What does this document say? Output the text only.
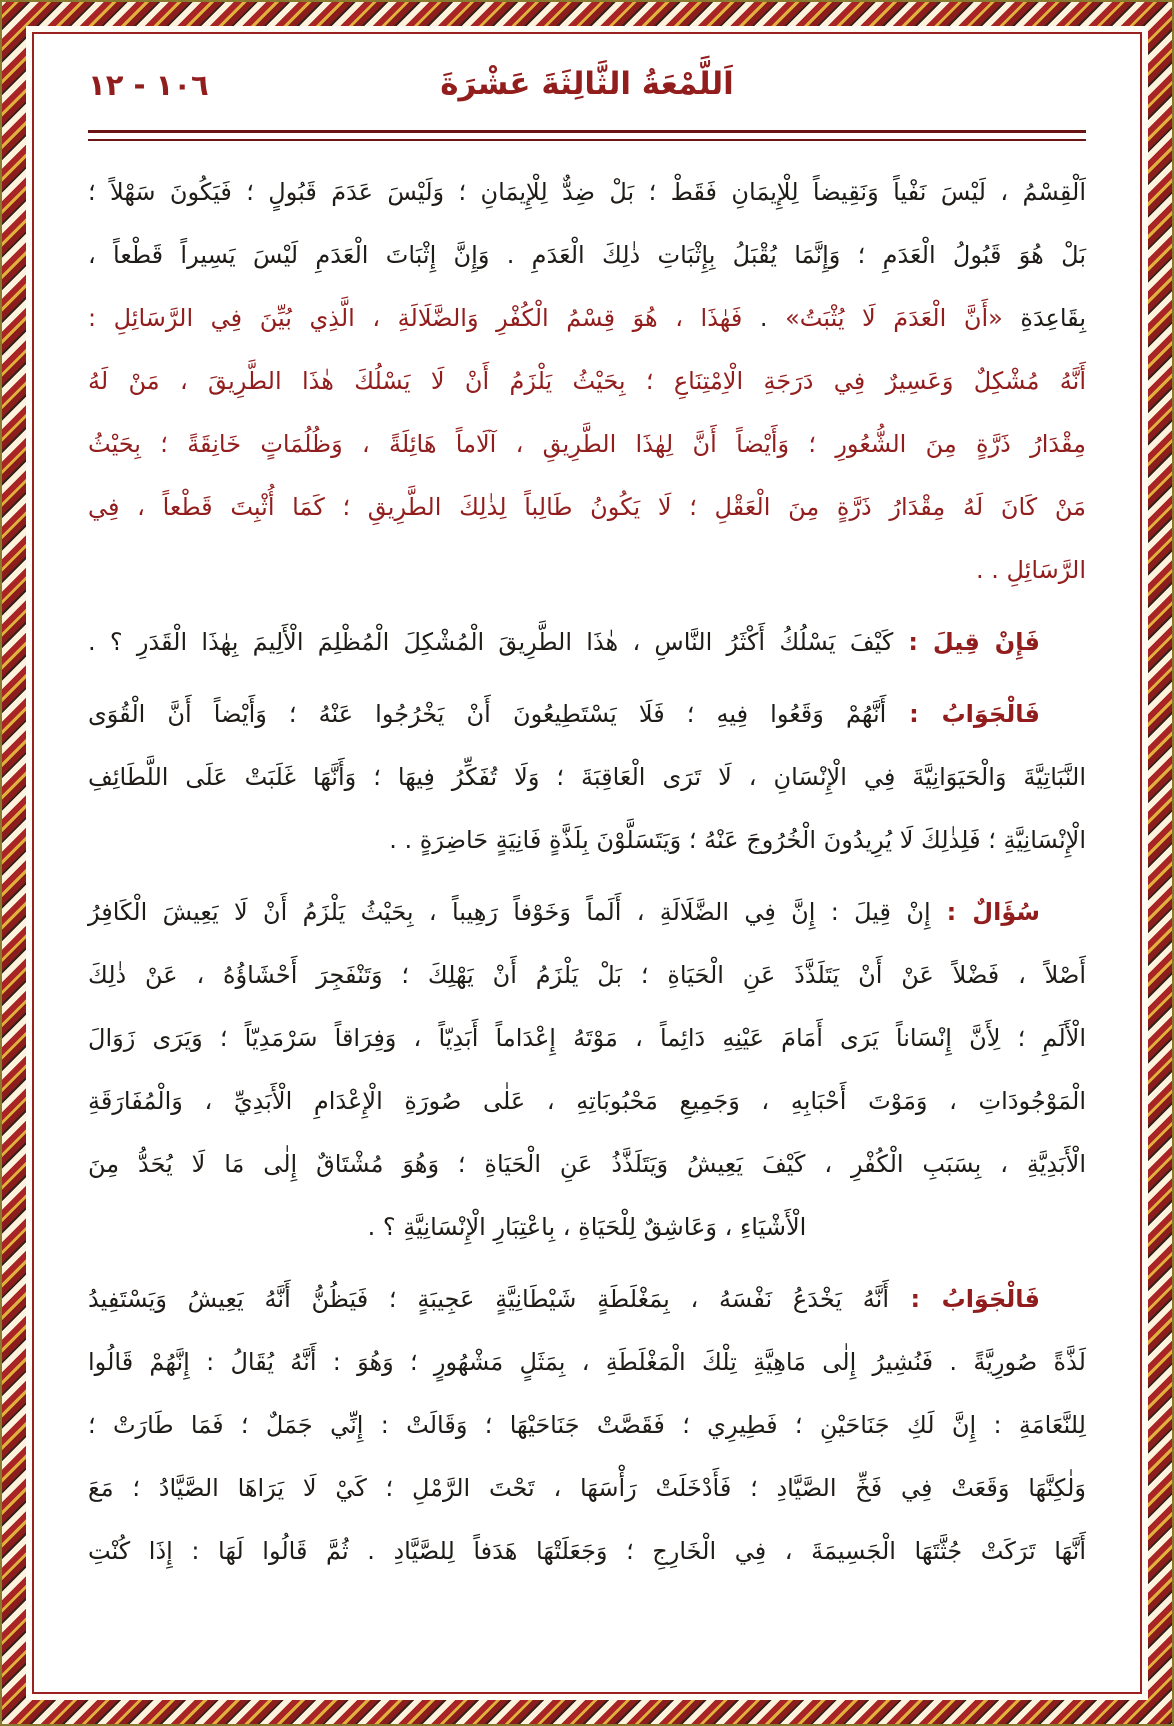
١٠٦ - ١٢	اَللَّمْعَةُ الثَّالِثَةَ عَشْرَةَ
اَلْقِسْمُ ، لَيْسَ نَفْياً وَنَقِيضاً لِلْإِيمَانِ فَقَطْ ؛ بَلْ ضِدٌّ لِلْإِيمَانِ ؛ وَلَيْسَ عَدَمَ قَبُولٍ ؛ فَيَكُونَ سَهْلاً ؛
بَلْ هُوَ قَبُولُ الْعَدَمِ ؛ وَإِنَّمَا يُقْبَلُ بِإِثْبَاتِ ذٰلِكَ الْعَدَمِ . وَإِنَّ إِثْبَاتَ الْعَدَمِ لَيْسَ يَسِيراً قَطْعاً ،
بِقَاعِدَةِ «أَنَّ الْعَدَمَ لَا يُثْبَتُ» . فَهٰذَا ، هُوَ قِسْمُ الْكُفْرِ وَالضَّلَالَةِ ، الَّذِي بُيِّنَ فِي الرَّسَائِلِ :
أَنَّهُ مُشْكِلٌ وَعَسِيرٌ فِي دَرَجَةِ الْاِمْتِنَاعِ ؛ بِحَيْثُ يَلْزَمُ أَنْ لَا يَسْلُكَ هٰذَا الطَّرِيقَ ، مَنْ لَهُ
مِقْدَارُ ذَرَّةٍ مِنَ الشُّعُورِ ؛ وَأَيْضاً أَنَّ لِهٰذَا الطَّرِيقِ ، آلَاماً هَائِلَةً ، وَظُلُمَاتٍ خَانِقَةً ؛ بِحَيْثُ
مَنْ كَانَ لَهُ مِقْدَارُ ذَرَّةٍ مِنَ الْعَقْلِ ؛ لَا يَكُونُ طَالِباً لِذٰلِكَ الطَّرِيقِ ؛ كَمَا أُثْبِتَ قَطْعاً ، فِي
الرَّسَائِلِ . .
فَإِنْ قِيلَ : كَيْفَ يَسْلُكُ أَكْثَرُ النَّاسِ ، هٰذَا الطَّرِيقَ الْمُشْكِلَ الْمُظْلِمَ الْأَلِيمَ بِهٰذَا الْقَدَرِ ؟ .
فَالْجَوَابُ : أَنَّهُمْ وَقَعُوا فِيهِ ؛ فَلَا يَسْتَطِيعُونَ أَنْ يَخْرُجُوا عَنْهُ ؛ وَأَيْضاً أَنَّ الْقُوَى
النَّبَاتِيَّةَ وَالْحَيَوَانِيَّةَ فِي الْإِنْسَانِ ، لَا تَرَى الْعَاقِبَةَ ؛ وَلَا تُفَكِّرُ فِيهَا ؛ وَأَنَّهَا غَلَبَتْ عَلَى اللَّطَائِفِ
الْإِنْسَانِيَّةِ ؛ فَلِذٰلِكَ لَا يُرِيدُونَ الْخُرُوجَ عَنْهُ ؛ وَيَتَسَلَّوْنَ بِلَذَّةٍ فَانِيَةٍ حَاضِرَةٍ . .
سُؤَالٌ : إِنْ قِيلَ : إِنَّ فِي الضَّلَالَةِ ، أَلَماً وَخَوْفاً رَهِيباً ، بِحَيْثُ يَلْزَمُ أَنْ لَا يَعِيشَ الْكَافِرُ
أَصْلاً ، فَضْلاً عَنْ أَنْ يَتَلَذَّذَ عَنِ الْحَيَاةِ ؛ بَلْ يَلْزَمُ أَنْ يَهْلِكَ ؛ وَتَنْفَجِرَ أَحْشَاؤُهُ ، عَنْ ذٰلِكَ
الْأَلَمِ ؛ لِأَنَّ إِنْسَاناً يَرَى أَمَامَ عَيْنِهِ دَائِماً ، مَوْتَهُ إِعْدَاماً أَبَدِيّاً ، وَفِرَاقاً سَرْمَدِيّاً ؛ وَيَرَى زَوَالَ
الْمَوْجُودَاتِ ، وَمَوْتَ أَحْبَابِهِ ، وَجَمِيعِ مَحْبُوبَاتِهِ ، عَلٰى صُورَةِ الْإِعْدَامِ الْأَبَدِيِّ ، وَالْمُفَارَقَةِ
الْأَبَدِيَّةِ ، بِسَبَبِ الْكُفْرِ ، كَيْفَ يَعِيشُ وَيَتَلَذَّذُ عَنِ الْحَيَاةِ ؛ وَهُوَ مُشْتَاقٌ إِلٰى مَا لَا يُحَدُّ مِنَ
الْأَشْيَاءِ ، وَعَاشِقٌ لِلْحَيَاةِ ، بِاعْتِبَارِ الْإِنْسَانِيَّةِ ؟ .
فَالْجَوَابُ : أَنَّهُ يَخْدَعُ نَفْسَهُ ، بِمَغْلَطَةٍ شَيْطَانِيَّةٍ عَجِيبَةٍ ؛ فَيَظُنُّ أَنَّهُ يَعِيشُ وَيَسْتَفِيدُ
لَذَّةً صُورِيَّةً . فَنُشِيرُ إِلٰى مَاهِيَّةِ تِلْكَ الْمَغْلَطَةِ ، بِمَثَلٍ مَشْهُورٍ ؛ وَهُوَ : أَنَّهُ يُقَالُ : إِنَّهُمْ قَالُوا
لِلنَّعَامَةِ : إِنَّ لَكِ جَنَاحَيْنِ ؛ فَطِيرِي ؛ فَقَصَّتْ جَنَاحَيْهَا ؛ وَقَالَتْ : إِنِّي جَمَلٌ ؛ فَمَا طَارَتْ ؛
وَلٰكِنَّهَا وَقَعَتْ فِي فَخِّ الصَّيَّادِ ؛ فَأَدْخَلَتْ رَأْسَهَا ، تَحْتَ الرَّمْلِ ؛ كَيْ لَا يَرَاهَا الصَّيَّادُ ؛ مَعَ
أَنَّهَا تَرَكَتْ جُثَّتَهَا الْجَسِيمَةَ ، فِي الْخَارِجِ ؛ وَجَعَلَتْهَا هَدَفاً لِلصَّيَّادِ . ثُمَّ قَالُوا لَهَا : إِذَا كُنْتِ
